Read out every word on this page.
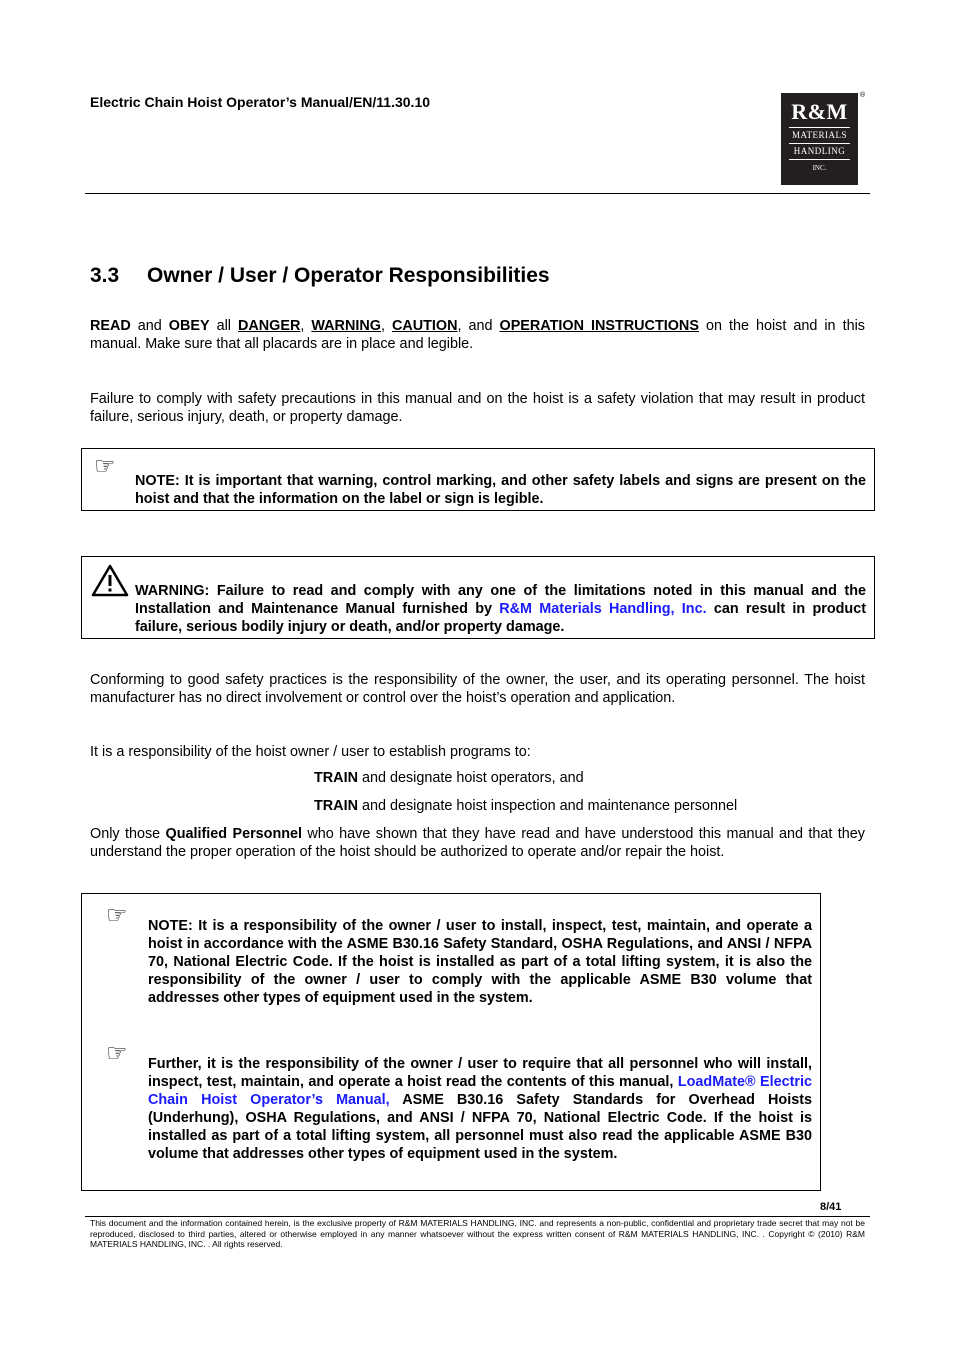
Electric Chain Hoist Operator’s Manual/EN/11.30.10	R&M
MATERIALS
HANDLING
INC.
®
3.3 Owner / User / Operator Responsibilities

READ and OBEY all DANGER, WARNING, CAUTION, and OPERATION INSTRUCTIONS on the hoist and in this manual. Make sure that all placards are in place and legible.

Failure to comply with safety precautions in this manual and on the hoist is a safety violation that may result in product failure, serious injury, death, or property damage.

☞
NOTE: It is important that warning, control marking, and other safety labels and signs are present on the hoist and that the information on the label or sign is legible.
WARNING: Failure to read and comply with any one of the limitations noted in this manual and the Installation and Maintenance Manual furnished by R&M Materials Handling, Inc. can result in product failure, serious bodily injury or death, and/or property damage.

Conforming to good safety practices is the responsibility of the owner, the user, and its operating personnel. The hoist manufacturer has no direct involvement or control over the hoist’s operation and application.

It is a responsibility of the hoist owner / user to establish programs to:

TRAIN and designate hoist operators, and
TRAIN and designate hoist inspection and maintenance personnel

Only those Qualified Personnel who have shown that they have read and have understood this manual and that they understand the proper operation of the hoist should be authorized to operate and/or repair the hoist.

☞ NOTE: It is a responsibility of the owner / user to install, inspect, test, maintain, and operate a hoist in accordance with the ASME B30.16 Safety Standard, OSHA Regulations, and ANSI / NFPA 70, National Electric Code. If the hoist is installed as part of a total lifting system, it is also the responsibility of the owner / user to comply with the applicable ASME B30 volume that addresses other types of equipment used in the system.
☞ Further, it is the responsibility of the owner / user to require that all personnel who will install, inspect, test, maintain, and operate a hoist read the contents of this manual, LoadMate® Electric Chain Hoist Operator’s Manual, ASME B30.16 Safety Standards for Overhead Hoists (Underhung), OSHA Regulations, and ANSI / NFPA 70, National Electric Code. If the hoist is installed as part of a total lifting system, all personnel must also read the applicable ASME B30 volume that addresses other types of equipment used in the system.
8/41

This document and the information contained herein, is the exclusive property of R&M MATERIALS HANDLING, INC. and represents a non-public, confidential and proprietary trade secret that may not be reproduced, disclosed to third parties, altered or otherwise employed in any manner whatsoever without the express written consent of R&M MATERIALS HANDLING, INC. . Copyright © (2010) R&M MATERIALS HANDLING, INC. . All rights reserved.
